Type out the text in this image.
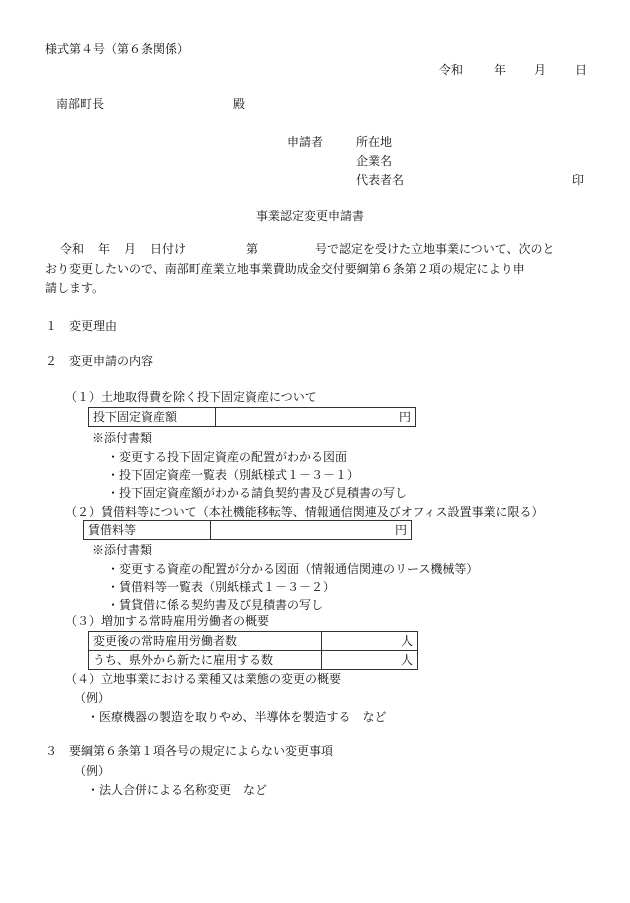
様式第４号（第６条関係）
令和	年 月 日
南部町長	殿
申請者	所在地
企業名
代表者名	印
事業認定変更申請書
令和 年 月 日付け	第	号で認定を受けた立地事業について、次のと
おり変更したいので、南部町産業立地事業費助成金交付要綱第６条第２項の規定により申
請します。
１　変更理由
２　変更申請の内容
（１）土地取得費を除く投下固定資産について
投下固定資産額	円
※添付書類
・変更する投下固定資産の配置がわかる図面
・投下固定資産一覧表（別紙様式１－３－１）
・投下固定資産額がわかる請負契約書及び見積書の写し
（２）賃借料等について（本社機能移転等、情報通信関連及びオフィス設置事業に限る）
賃借料等	円
※添付書類
・変更する資産の配置が分かる図面（情報通信関連のリース機械等）
・賃借料等一覧表（別紙様式１－３－２）
・賃貸借に係る契約書及び見積書の写し
（３）増加する常時雇用労働者の概要
変更後の常時雇用労働者数	人
うち、県外から新たに雇用する数	人
（４）立地事業における業種又は業態の変更の概要
（例）
・医療機器の製造を取りやめ、半導体を製造する　など
３　要綱第６条第１項各号の規定によらない変更事項
（例）
・法人合併による名称変更　など
